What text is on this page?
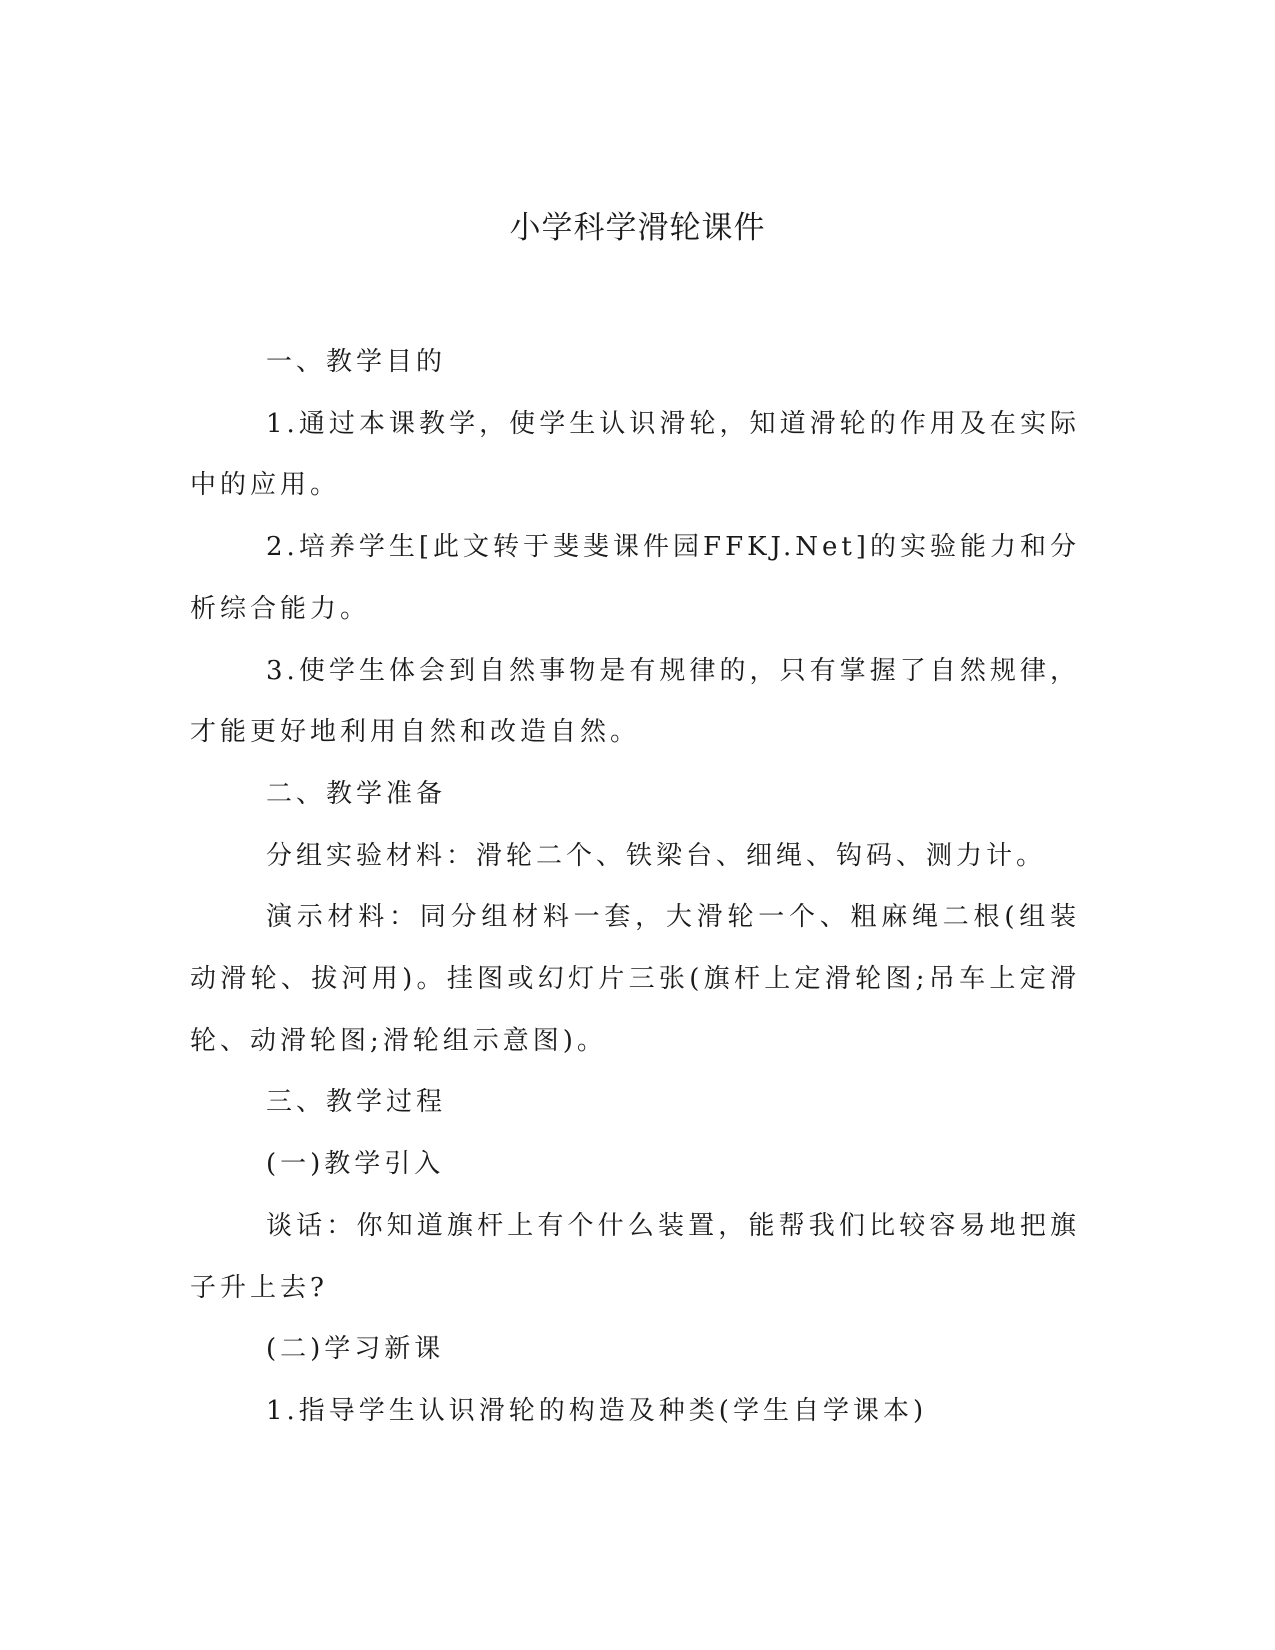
小学科学滑轮课件

一、教学目的

1.通过本课教学，使学生认识滑轮，知道滑轮的作用及在实际中的应用。

2.培养学生[此文转于斐斐课件园FFKJ.Net]的实验能力和分析综合能力。

3.使学生体会到自然事物是有规律的，只有掌握了自然规律，才能更好地利用自然和改造自然。

二、教学准备

分组实验材料：滑轮二个、铁梁台、细绳、钩码、测力计。

演示材料：同分组材料一套，大滑轮一个、粗麻绳二根(组装动滑轮、拔河用)。挂图或幻灯片三张(旗杆上定滑轮图;吊车上定滑轮、动滑轮图;滑轮组示意图)。

三、教学过程

(一)教学引入

谈话：你知道旗杆上有个什么装置，能帮我们比较容易地把旗子升上去?

(二)学习新课

1.指导学生认识滑轮的构造及种类(学生自学课本)
